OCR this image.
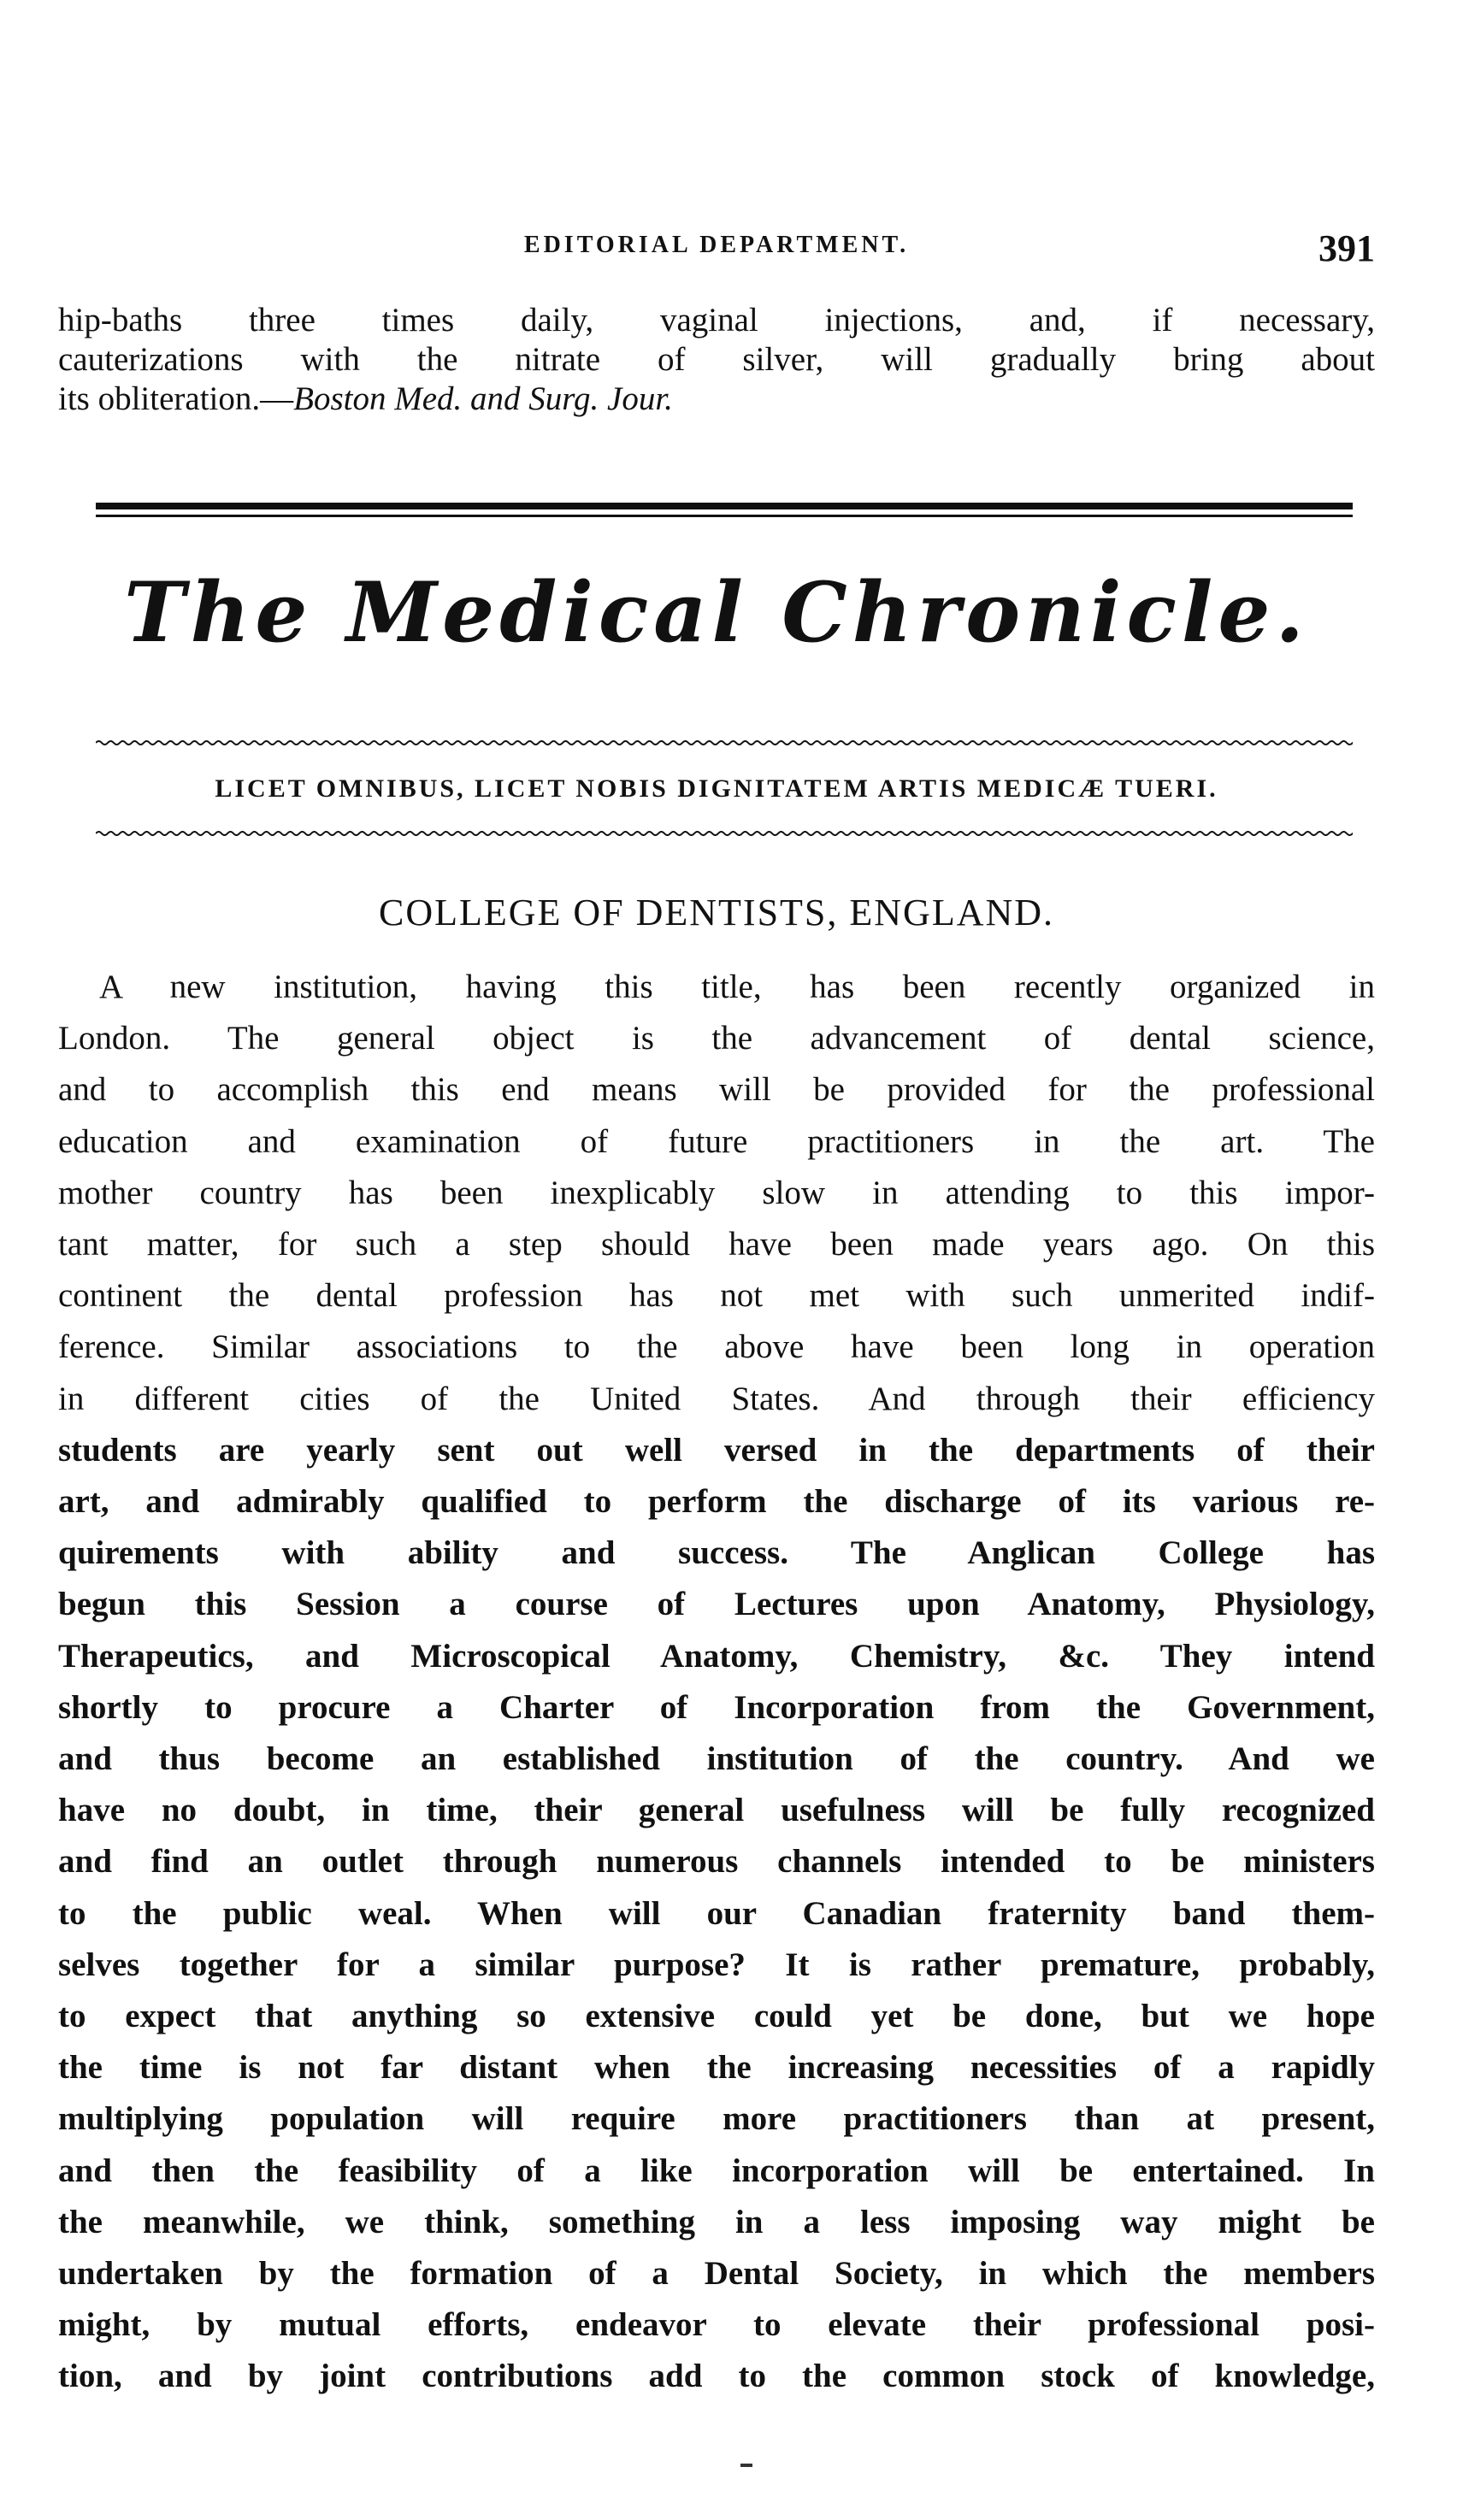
EDITORIAL DEPARTMENT.	391
hip-baths three times daily, vaginal injections, and, if necessary,
cauterizations with the nitrate of silver, will gradually bring about
its obliteration.—Boston Med. and Surg. Jour.
The Medical Chronicle.
LICET OMNIBUS, LICET NOBIS DIGNITATEM ARTIS MEDICÆ TUERI.
COLLEGE OF DENTISTS, ENGLAND.
A new institution, having this title, has been recently organized in
London. The general object is the advancement of dental science,
and to accomplish this end means will be provided for the professional
education and examination of future practitioners in the art. The
mother country has been inexplicably slow in attending to this impor-
tant matter, for such a step should have been made years ago. On this
continent the dental profession has not met with such unmerited indif-
ference. Similar associations to the above have been long in operation
in different cities of the United States. And through their efficiency
students are yearly sent out well versed in the departments of their
art, and admirably qualified to perform the discharge of its various re-
quirements with ability and success. The Anglican College has
begun this Session a course of Lectures upon Anatomy, Physiology,
Therapeutics, and Microscopical Anatomy, Chemistry, &c. They intend
shortly to procure a Charter of Incorporation from the Government,
and thus become an established institution of the country. And we
have no doubt, in time, their general usefulness will be fully recognized
and find an outlet through numerous channels intended to be ministers
to the public weal. When will our Canadian fraternity band them-
selves together for a similar purpose? It is rather premature, probably,
to expect that anything so extensive could yet be done, but we hope
the time is not far distant when the increasing necessities of a rapidly
multiplying population will require more practitioners than at present,
and then the feasibility of a like incorporation will be entertained. In
the meanwhile, we think, something in a less imposing way might be
undertaken by the formation of a Dental Society, in which the members
might, by mutual efforts, endeavor to elevate their professional posi-
tion, and by joint contributions add to the common stock of knowledge,
